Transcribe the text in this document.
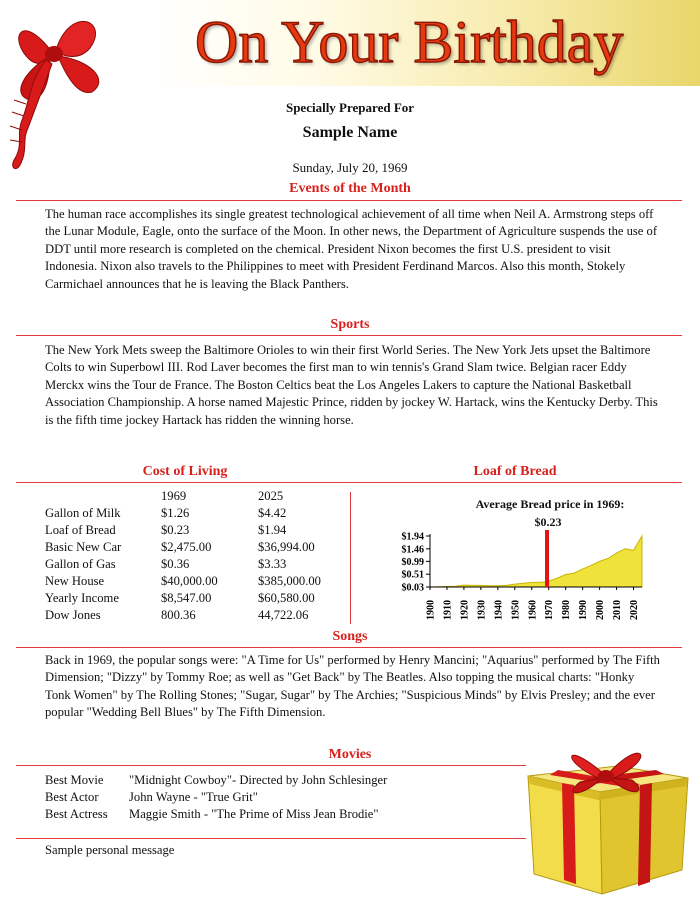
On Your Birthday
Specially Prepared For
Sample Name
Sunday, July 20, 1969
Events of the Month
The human race accomplishes its single greatest technological achievement of all time when Neil A. Armstrong steps off the Lunar Module, Eagle, onto the surface of the Moon. In other news, the Department of Agriculture suspends the use of DDT until more research is completed on the chemical. President Nixon becomes the first U.S. president to visit Indonesia. Nixon also travels to the Philippines to meet with President Ferdinand Marcos. Also this month, Stokely Carmichael announces that he is leaving the Black Panthers.
Sports
The New York Mets sweep the Baltimore Orioles to win their first World Series. The New York Jets upset the Baltimore Colts to win Superbowl III. Rod Laver becomes the first man to win tennis's Grand Slam twice. Belgian racer Eddy Merckx wins the Tour de France. The Boston Celtics beat the Los Angeles Lakers to capture the National Basketball Association Championship. A horse named Majestic Prince, ridden by jockey W. Hartack, wins the Kentucky Derby. This is the fifth time jockey Hartack has ridden the winning horse.
Cost of Living
1969	2025
Gallon of Milk	$1.26	$4.42
Loaf of Bread	$0.23	$1.94
Basic New Car	$2,475.00	$36,994.00
Gallon of Gas	$0.36	$3.33
New House	$40,000.00	$385,000.00
Yearly Income	$8,547.00	$60,580.00
Dow Jones	800.36	44,722.06
Loaf of Bread
Average Bread price in 1969:
$0.23
$0.03
$0.51
$0.99
$1.46
$1.94
1900 1910 1920 1930 1940 1950 1960 1970 1980 1990 2000 2010 2020
Songs
Back in 1969, the popular songs were: "A Time for Us" performed by Henry Mancini; "Aquarius" performed by The Fifth Dimension; "Dizzy" by Tommy Roe; as well as "Get Back" by The Beatles. Also topping the musical charts: "Honky Tonk Women" by The Rolling Stones; "Sugar, Sugar" by The Archies; "Suspicious Minds" by Elvis Presley; and the ever popular "Wedding Bell Blues" by The Fifth Dimension.
Movies
Best Movie "Midnight Cowboy"- Directed by John Schlesinger
Best Actor John Wayne - "True Grit"
Best Actress Maggie Smith - "The Prime of Miss Jean Brodie"
Sample personal message
